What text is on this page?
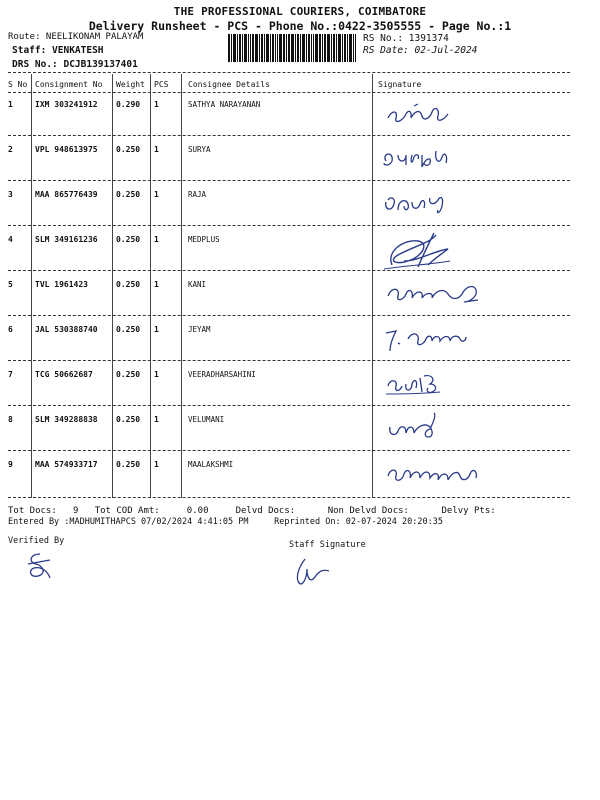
THE PROFESSIONAL COURIERS, COIMBATORE
Delivery Runsheet - PCS - Phone No.:0422-3505555 - Page No.:1
Route: NEELIKONAM PALAYAM
Staff: VENKATESH
DRS No.: DCJB139137401
RS No.: 1391374
RS Date: 02-Jul-2024
S No Consignment No Weight PCS Consignee Details	Signature
1	IXM 303241912 0.290 1	SATHYA NARAYANAN
2	VPL 948613975 0.250 1	SURYA
3	MAA 865776439 0.250 1	RAJA
4	SLM 349161236 0.250 1	MEDPLUS
5	TVL 1961423	0.250 1	KANI
6	JAL 530388740 0.250 1	JEYAM
7	TCG 50662687	0.250 1	VEERADHARSAHINI
8	SLM 349288838 0.250 1	VELUMANI
9	MAA 574933717 0.250 1	MAALAKSHMI
Tot Docs:   9   Tot COD Amt:     0.00     Delvd Docs:      Non Delvd Docs:      Delvy Pts:
Entered By :MADHUMITHAPCS 07/02/2024 4:41:05 PM     Reprinted On: 02-07-2024 20:20:35
Verified By	Staff Signature
